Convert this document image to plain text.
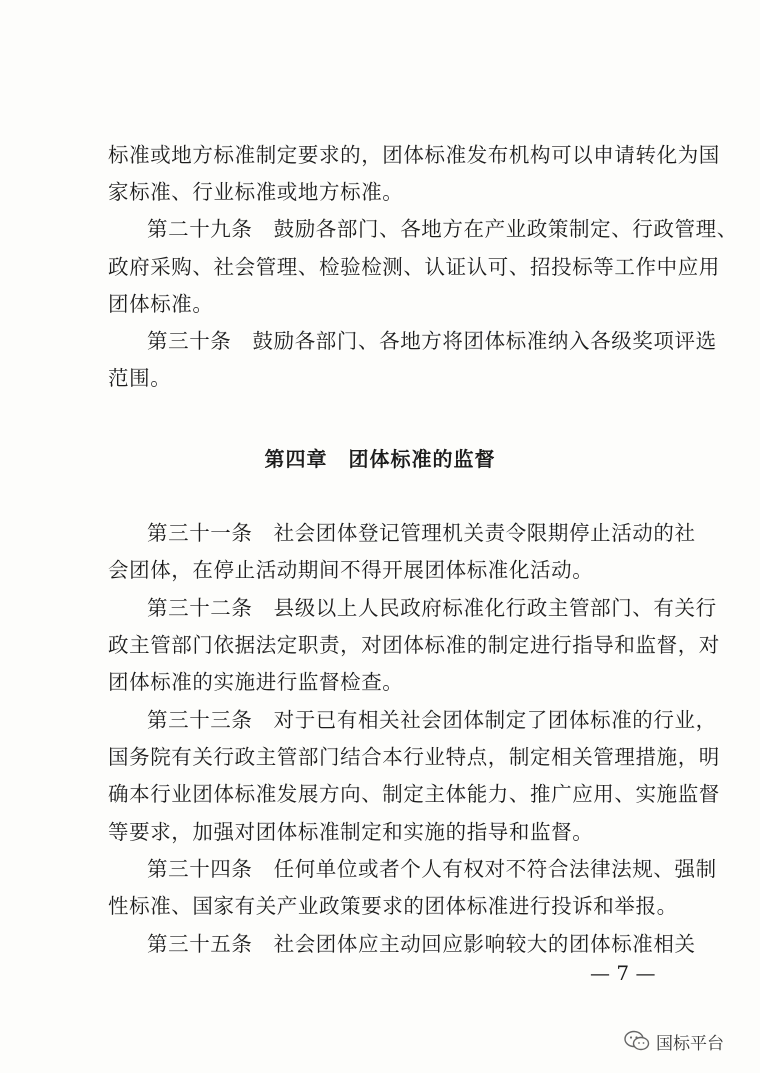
标准或地方标准制定要求的，团体标准发布机构可以申请转化为国
家标准、行业标准或地方标准。
第二十九条　鼓励各部门、各地方在产业政策制定、行政管理、
政府采购、社会管理、检验检测、认证认可、招投标等工作中应用
团体标准。
第三十条　鼓励各部门、各地方将团体标准纳入各级奖项评选
范围。
第四章　团体标准的监督
第三十一条　社会团体登记管理机关责令限期停止活动的社
会团体，在停止活动期间不得开展团体标准化活动。
第三十二条　县级以上人民政府标准化行政主管部门、有关行
政主管部门依据法定职责，对团体标准的制定进行指导和监督，对
团体标准的实施进行监督检查。
第三十三条　对于已有相关社会团体制定了团体标准的行业，
国务院有关行政主管部门结合本行业特点，制定相关管理措施，明
确本行业团体标准发展方向、制定主体能力、推广应用、实施监督
等要求，加强对团体标准制定和实施的指导和监督。
第三十四条　任何单位或者个人有权对不符合法律法规、强制
性标准、国家有关产业政策要求的团体标准进行投诉和举报。
第三十五条　社会团体应主动回应影响较大的团体标准相关
— 7 —
国标平台
